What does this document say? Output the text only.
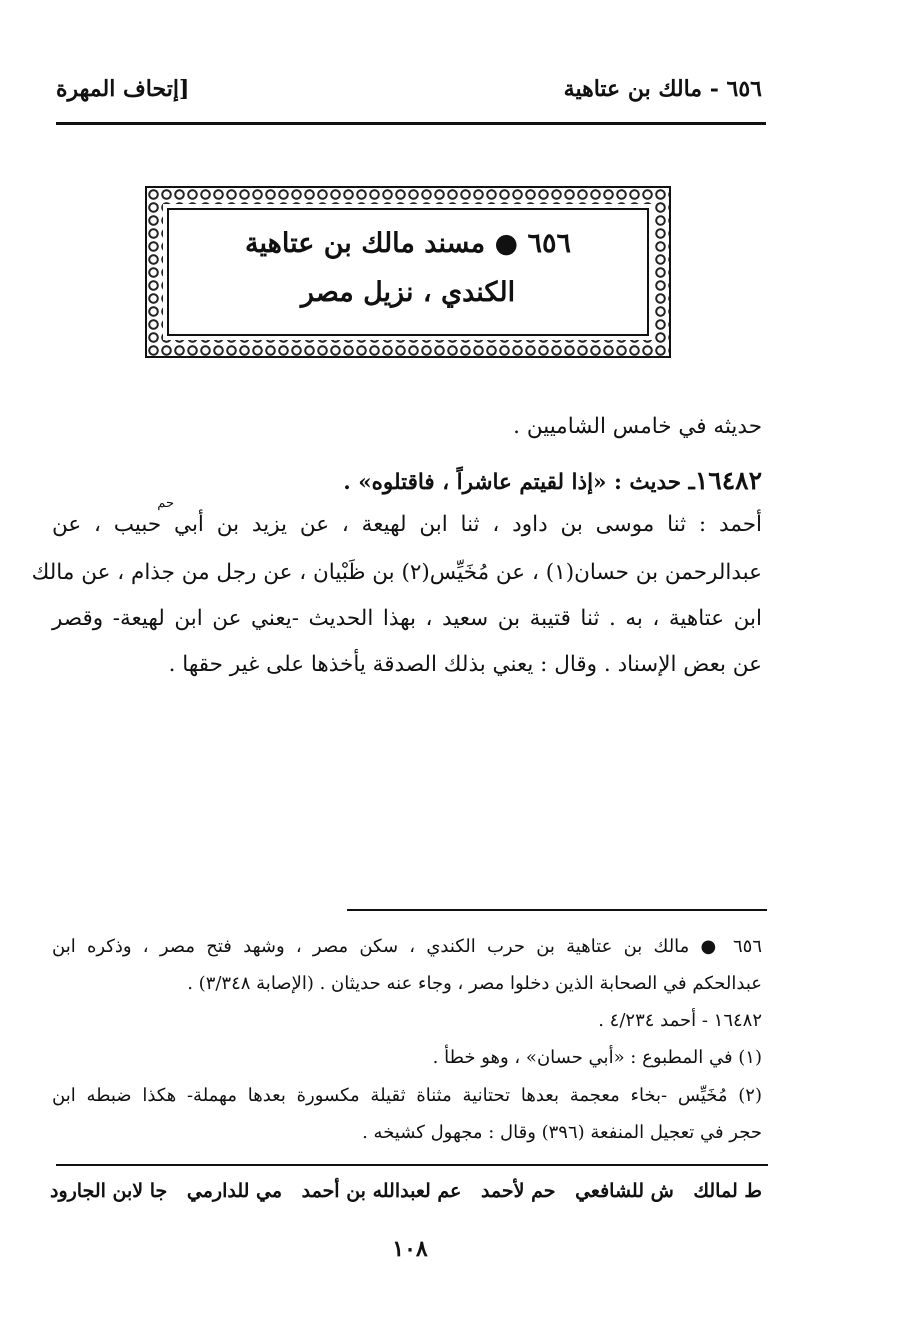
٦٥٦ - مالك بن عتاهية
[إتحاف المهرة
٦٥٦ ● مسند مالك بن عتاهية
الكندي ، نزيل مصر
حديثه في خامس الشاميين .
١٦٤٨٢ـ حديث : «إذا لقيتم عاشراً ، فاقتلوه» .
حم
أحمد : ثنا موسى بن داود ، ثنا ابن لهيعة ، عن يزيد بن أبي حبيب ، عن
عبدالرحمن بن حسان(١) ، عن مُخَيِّس(٢) بن ظَبْيان ، عن رجل من جذام ، عن مالك
ابن عتاهية ، به . ثنا قتيبة بن سعيد ، بهذا الحديث -يعني عن ابن لهيعة- وقصر
عن بعض الإسناد . وقال : يعني بذلك الصدقة يأخذها على غير حقها .
٦٥٦ ● مالك بن عتاهية بن حرب الكندي ، سكن مصر ، وشهد فتح مصر ، وذكره ابن
عبدالحكم في الصحابة الذين دخلوا مصر ، وجاء عنه حديثان . (الإصابة ٣/٣٤٨) .
١٦٤٨٢ - أحمد ٤/٢٣٤ .
(١) في المطبوع : «أبي حسان» ، وهو خطأ .
(٢) مُخَيِّس -بخاء معجمة بعدها تحتانية مثناة ثقيلة مكسورة بعدها مهملة- هكذا ضبطه ابن
حجر في تعجيل المنفعة (٣٩٦) وقال : مجهول كشيخه .
ط لمالك
ش للشافعي
حم لأحمد
عم لعبدالله بن أحمد
مي للدارمي
جا لابن الجارود
١٠٨
